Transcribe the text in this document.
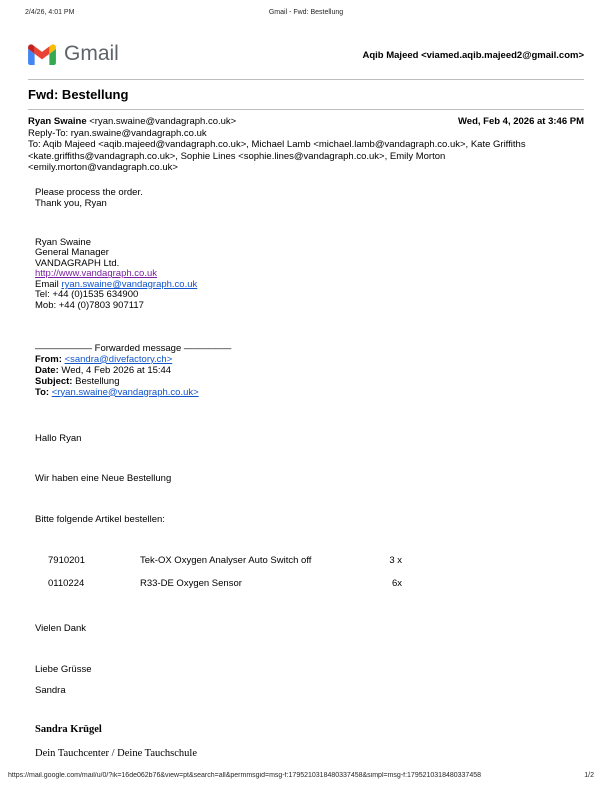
2/4/26, 4:01 PM	Gmail - Fwd: Bestellung
Gmail	Aqib Majeed <viamed.aqib.majeed2@gmail.com>
Fwd: Bestellung
Wed, Feb 4, 2026 at 3:46 PM
Ryan Swaine <ryan.swaine@vandagraph.co.uk>
Reply-To: ryan.swaine@vandagraph.co.uk
To: Aqib Majeed <aqib.majeed@vandagraph.co.uk>, Michael Lamb <michael.lamb@vandagraph.co.uk>, Kate Griffiths <kate.griffiths@vandagraph.co.uk>, Sophie Lines <sophie.lines@vandagraph.co.uk>, Emily Morton <emily.morton@vandagraph.co.uk>
Please process the order.
Thank you, Ryan
Ryan Swaine
General Manager
VANDAGRAPH Ltd.
http://www.vandagraph.co.uk
Email ryan.swaine@vandagraph.co.uk
Tel: +44 (0)1535 634900
Mob: +44 (0)7803 907117
—————— Forwarded message —————
From: <sandra@divefactory.ch>
Date: Wed, 4 Feb 2026 at 15:44
Subject: Bestellung
To: <ryan.swaine@vandagraph.co.uk>
Hallo Ryan
Wir haben eine Neue Bestellung
Bitte folgende Artikel bestellen:
7910201	Tek-OX Oxygen Analyser Auto Switch off	3 x
0110224	R33-DE Oxygen Sensor	6x
Vielen Dank
Liebe Grüsse
Sandra
Sandra Krügel
Dein Tauchcenter / Deine Tauchschule
https://mail.google.com/mail/u/0/?ik=16de062b76&view=pt&search=all&permmsgid=msg-f:1795210318480337458&simpl=msg-f:1795210318480337458	1/2
